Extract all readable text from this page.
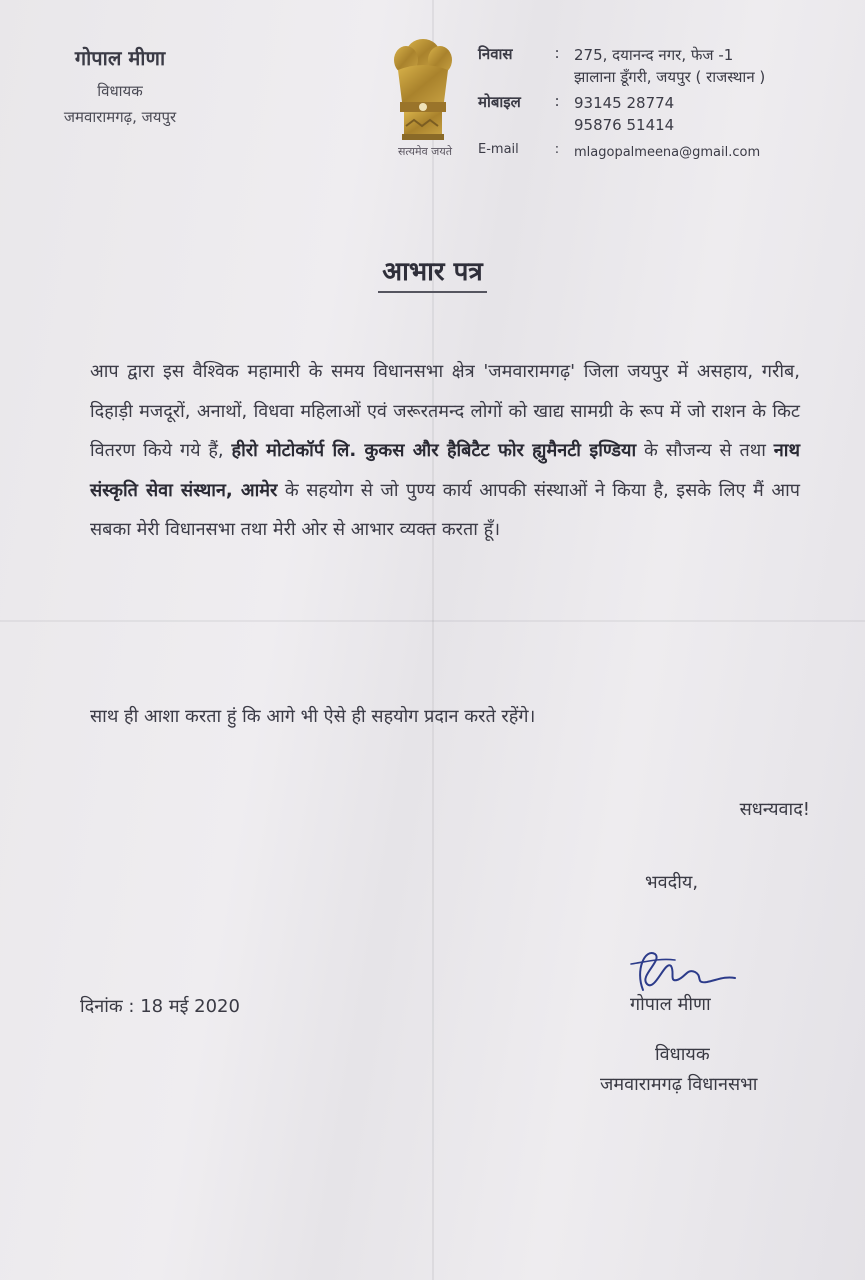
गोपाल मीणा
विधायक
जमवारामगढ़, जयपुर
सत्यमेव जयते
निवास	: 275, दयानन्द नगर, फेज -1
झालाना डूँगरी, जयपुर ( राजस्थान )
मोबाइल	: 93145 28774
95876 51414
E-mail	:	mlagopalmeena@gmail.com
आभार पत्र
आप द्वारा इस वैश्विक महामारी के समय विधानसभा क्षेत्र 'जमवारामगढ़' जिला जयपुर में असहाय, गरीब, दिहाड़ी मजदूरों, अनाथों, विधवा महिलाओं एवं जरूरतमन्द लोगों को खाद्य सामग्री के रूप में जो राशन के किट वितरण किये गये हैं, हीरो मोटोकॉर्प लि. कुकस और हैबिटैट फोर ह्युमैनटी इण्डिया के सौजन्य से तथा नाथ संस्कृति सेवा संस्थान, आमेर के सहयोग से जो पुण्य कार्य आपकी संस्थाओं ने किया है, इसके लिए मैं आप सबका मेरी विधानसभा तथा मेरी ओर से आभार व्यक्त करता हूँ।
साथ ही आशा करता हुं कि आगे भी ऐसे ही सहयोग प्रदान करते रहेंगे।
सधन्यवाद!
भवदीय,
दिनांक : 18 मई 2020	गोपाल मीणा
विधायक
जमवारामगढ़ विधानसभा
